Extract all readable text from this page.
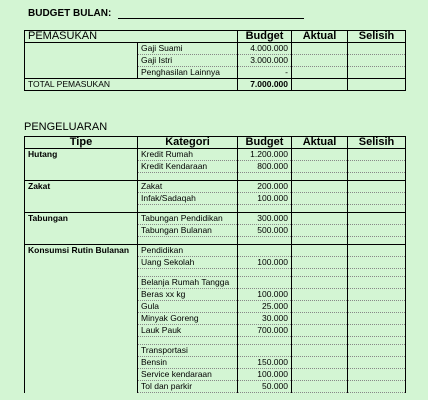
BUDGET BULAN:
PEMASUKAN		Budget	Aktual	Selisih
	Gaji Suami	4.000.000		
	Gaji Istri	3.000.000		
	Penghasilan Lainnya	-		
TOTAL PEMASUKAN		7.000.000		
PENGELUARAN
Tipe	Kategori	Budget	Aktual	Selisih
Hutang	Kredit Rumah	1.200.000		
	Kredit Kendaraan	800.000		

Zakat	Zakat	200.000		
	Infak/Sadaqah	100.000		

Tabungan	Tabungan Pendidikan	300.000		
	Tabungan Bulanan	500.000		

Konsumsi Rutin Bulanan	Pendidikan			
	Uang Sekolah	100.000		

	Belanja Rumah Tangga			
	Beras xx kg	100.000		
	Gula	25.000		
	Minyak Goreng	30.000		
	Lauk Pauk	700.000		

	Transportasi			
	Bensin	150.000		
	Service kendaraan	100.000		
	Tol dan parkir	50.000		
